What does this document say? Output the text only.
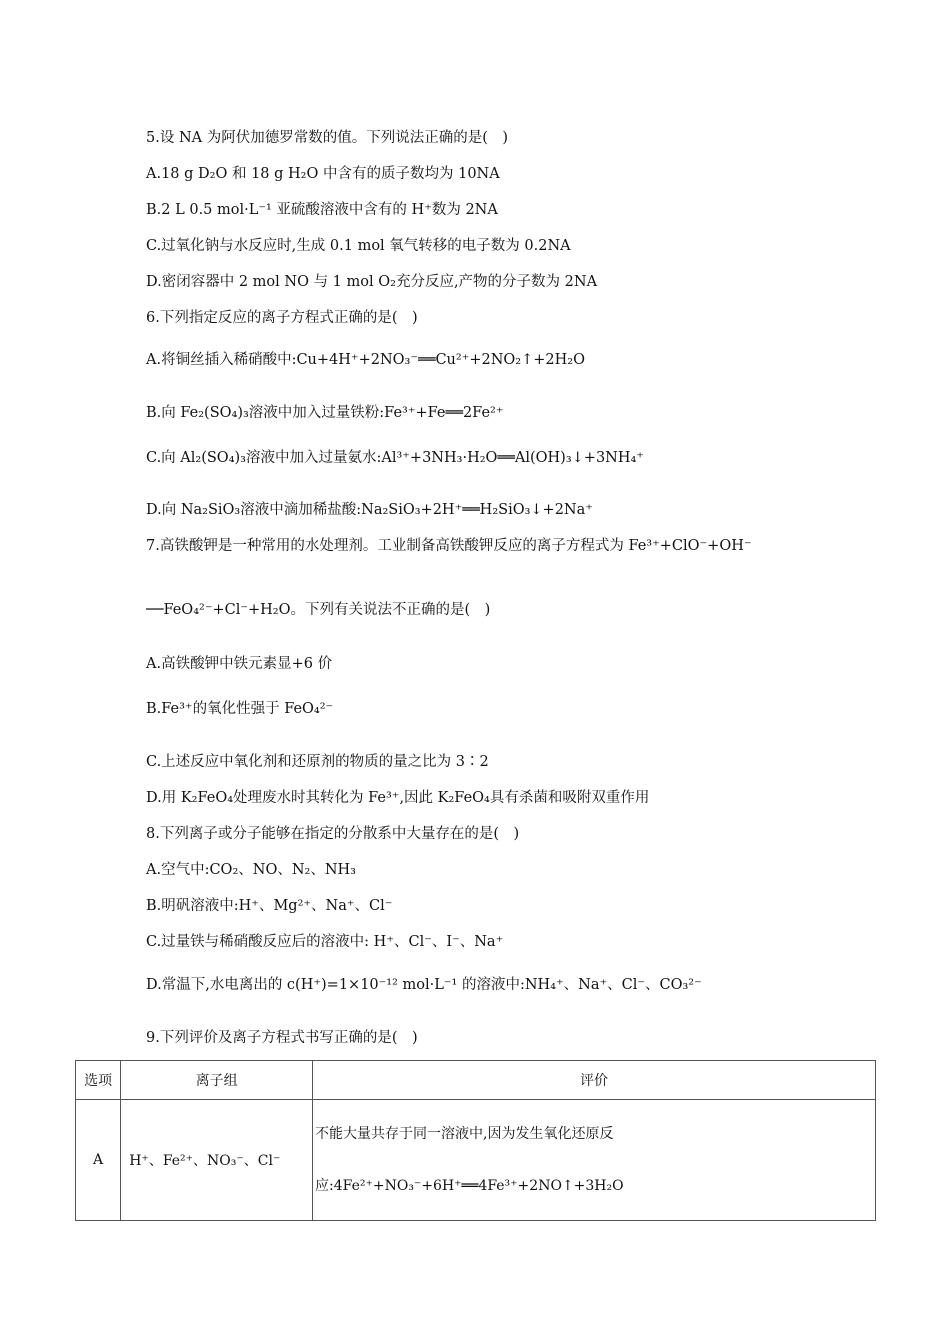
5.设 NA 为阿伏加德罗常数的值。下列说法正确的是(　)
A.18 g D₂O 和 18 g H₂O 中含有的质子数均为 10NA
B.2 L 0.5 mol·L⁻¹ 亚硫酸溶液中含有的 H⁺数为 2NA
C.过氧化钠与水反应时,生成 0.1 mol 氧气转移的电子数为 0.2NA
D.密闭容器中 2 mol NO 与 1 mol O₂充分反应,产物的分子数为 2NA
6.下列指定反应的离子方程式正确的是(　)
A.将铜丝插入稀硝酸中:Cu+4H⁺+2NO₃⁻══Cu²⁺+2NO₂↑+2H₂O
B.向 Fe₂(SO₄)₃溶液中加入过量铁粉:Fe³⁺+Fe══2Fe²⁺
C.向 Al₂(SO₄)₃溶液中加入过量氨水:Al³⁺+3NH₃·H₂O══Al(OH)₃↓+3NH₄⁺
D.向 Na₂SiO₃溶液中滴加稀盐酸:Na₂SiO₃+2H⁺══H₂SiO₃↓+2Na⁺
7.高铁酸钾是一种常用的水处理剂。工业制备高铁酸钾反应的离子方程式为 Fe³⁺+ClO⁻+OH⁻
──FeO₄²⁻+Cl⁻+H₂O。下列有关说法不正确的是(　)
A.高铁酸钾中铁元素显+6 价
B.Fe³⁺的氧化性强于 FeO₄²⁻
C.上述反应中氧化剂和还原剂的物质的量之比为 3∶2
D.用 K₂FeO₄处理废水时其转化为 Fe³⁺,因此 K₂FeO₄具有杀菌和吸附双重作用
8.下列离子或分子能够在指定的分散系中大量存在的是(　)
A.空气中:CO₂、NO、N₂、NH₃
B.明矾溶液中:H⁺、Mg²⁺、Na⁺、Cl⁻
C.过量铁与稀硝酸反应后的溶液中: H⁺、Cl⁻、I⁻、Na⁺
D.常温下,水电离出的 c(H⁺)=1×10⁻¹² mol·L⁻¹ 的溶液中:NH₄⁺、Na⁺、Cl⁻、CO₃²⁻
9.下列评价及离子方程式书写正确的是(　)
选项	离子组	评价
A	H⁺、Fe²⁺、NO₃⁻、Cl⁻	不能大量共存于同一溶液中,因为发生氧化还原反应:4Fe²⁺+NO₃⁻+6H⁺══4Fe³⁺+2NO↑+3H₂O
